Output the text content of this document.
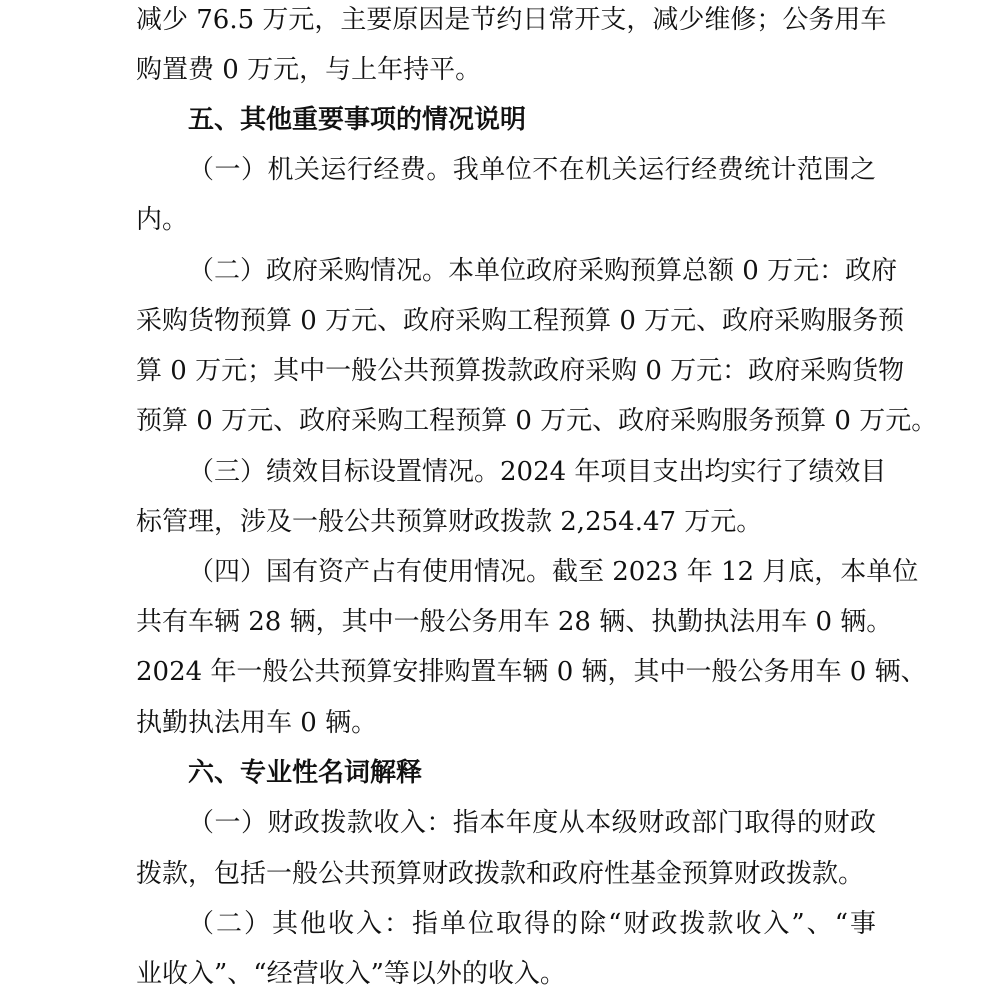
减少 76.5 万元，主要原因是节约日常开支，减少维修；公务用车
购置费 0 万元，与上年持平。
五、其他重要事项的情况说明
（一）机关运行经费。我单位不在机关运行经费统计范围之
内。
（二）政府采购情况。本单位政府采购预算总额 0 万元：政府
采购货物预算 0 万元、政府采购工程预算 0 万元、政府采购服务预
算 0 万元；其中一般公共预算拨款政府采购 0 万元：政府采购货物
预算 0 万元、政府采购工程预算 0 万元、政府采购服务预算 0 万元。
（三）绩效目标设置情况。2024 年项目支出均实行了绩效目
标管理，涉及一般公共预算财政拨款 2,254.47 万元。
（四）国有资产占有使用情况。截至 2023 年 12 月底，本单位
共有车辆 28 辆，其中一般公务用车 28 辆、执勤执法用车 0 辆。
2024 年一般公共预算安排购置车辆 0 辆，其中一般公务用车 0 辆、
执勤执法用车 0 辆。
六、专业性名词解释
（一）财政拨款收入：指本年度从本级财政部门取得的财政
拨款，包括一般公共预算财政拨款和政府性基金预算财政拨款。
（二）其他收入：指单位取得的除“财政拨款收入”、“事
业收入”、“经营收入”等以外的收入。
